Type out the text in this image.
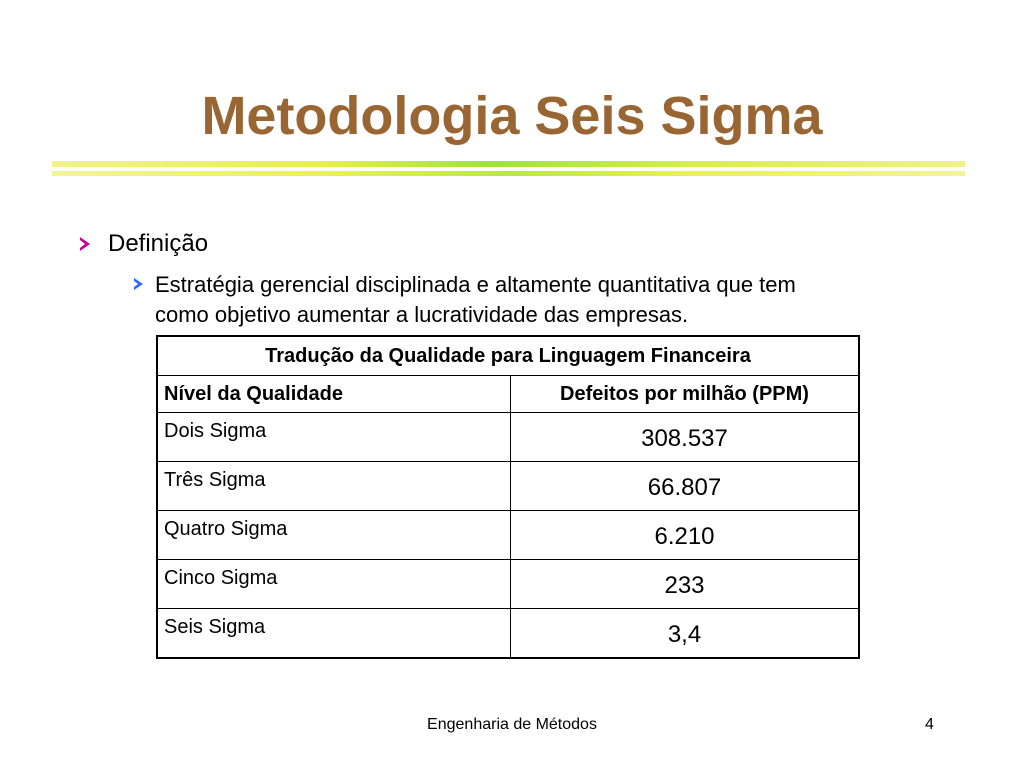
Metodologia Seis Sigma
Definição
Estratégia gerencial disciplinada e altamente quantitativa que tem
como objetivo aumentar a lucratividade das empresas.
Tradução da Qualidade para Linguagem Financeira	
Nível da Qualidade	Defeitos por milhão (PPM)
Dois Sigma	308.537
Três Sigma	66.807
Quatro Sigma	6.210
Cinco Sigma	233
Seis Sigma	3,4
Engenharia de Métodos	4
